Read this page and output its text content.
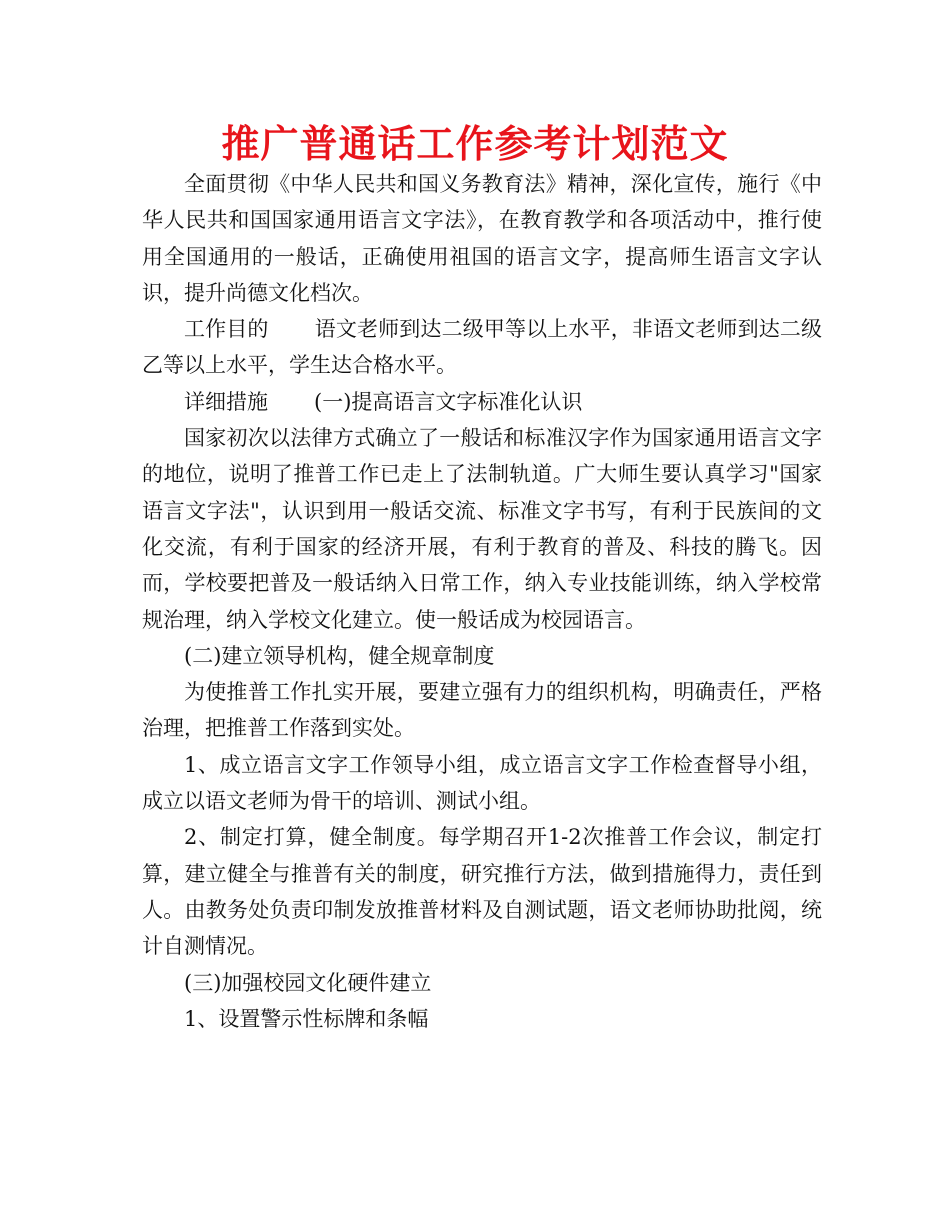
推广普通话工作参考计划范文

全面贯彻《中华人民共和国义务教育法》精神，深化宣传，施行《中华人民共和国国家通用语言文字法》，在教育教学和各项活动中，推行使用全国通用的一般话，正确使用祖国的语言文字，提高师生语言文字认识，提升尚德文化档次。

工作目的 语文老师到达二级甲等以上水平，非语文老师到达二级乙等以上水平，学生达合格水平。

详细措施 (一)提高语言文字标准化认识

国家初次以法律方式确立了一般话和标准汉字作为国家通用语言文字的地位，说明了推普工作已走上了法制轨道。广大师生要认真学习"国家语言文字法"，认识到用一般话交流、标准文字书写，有利于民族间的文化交流，有利于国家的经济开展，有利于教育的普及、科技的腾飞。因而，学校要把普及一般话纳入日常工作，纳入专业技能训练，纳入学校常规治理，纳入学校文化建立。使一般话成为校园语言。

(二)建立领导机构，健全规章制度

为使推普工作扎实开展，要建立强有力的组织机构，明确责任，严格治理，把推普工作落到实处。

1、成立语言文字工作领导小组，成立语言文字工作检查督导小组，成立以语文老师为骨干的培训、测试小组。

2、制定打算，健全制度。每学期召开1-2次推普工作会议，制定打算，建立健全与推普有关的制度，研究推行方法，做到措施得力，责任到人。由教务处负责印制发放推普材料及自测试题，语文老师协助批阅，统计自测情况。

(三)加强校园文化硬件建立

1、设置警示性标牌和条幅
